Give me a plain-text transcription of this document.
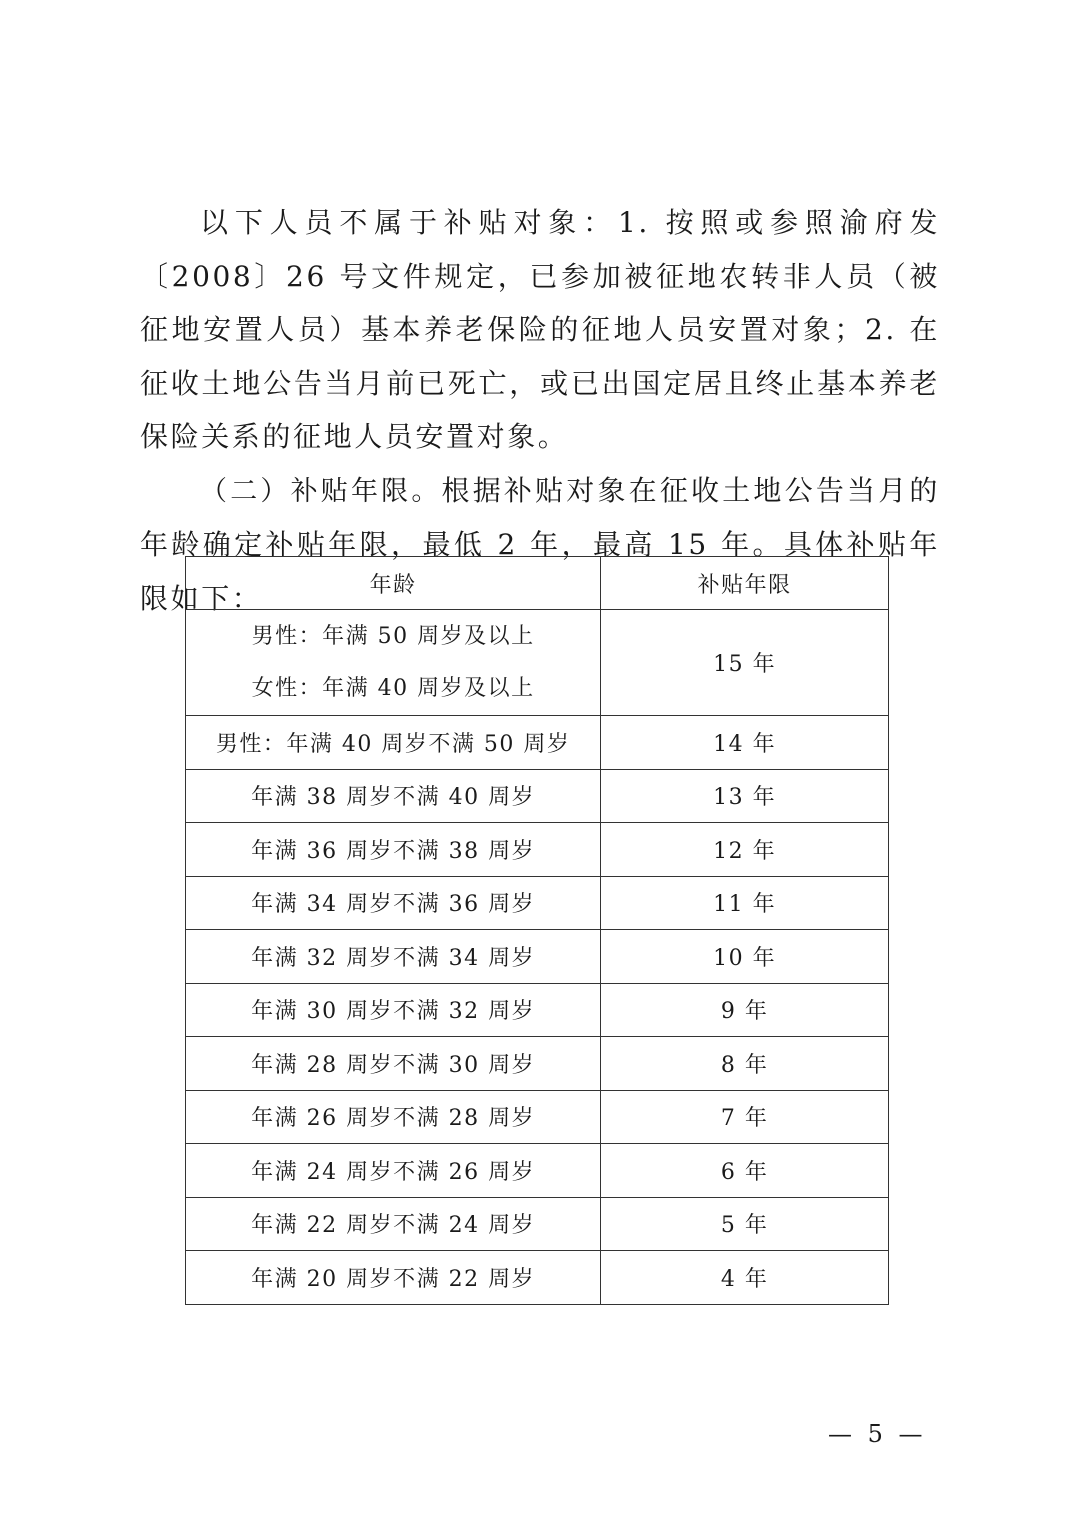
以下人员不属于补贴对象：1. 按照或参照渝府发〔2008〕26 号文件规定，已参加被征地农转非人员（被征地安置人员）基本养老保险的征地人员安置对象；2. 在征收土地公告当月前已死亡，或已出国定居且终止基本养老保险关系的征地人员安置对象。

（二）补贴年限。根据补贴对象在征收土地公告当月的年龄确定补贴年限，最低 2 年，最高 15 年。具体补贴年限如下：	年龄	补贴年限

男性：年满 50 周岁及以上
女性：年满 40 周岁及以上	15 年
男性：年满 40 周岁不满 50 周岁	14 年
年满 38 周岁不满 40 周岁	13 年
年满 36 周岁不满 38 周岁	12 年
年满 34 周岁不满 36 周岁	11 年
年满 32 周岁不满 34 周岁	10 年
年满 30 周岁不满 32 周岁	9 年
年满 28 周岁不满 30 周岁	8 年
年满 26 周岁不满 28 周岁	7 年
年满 24 周岁不满 26 周岁	6 年
年满 22 周岁不满 24 周岁	5 年
年满 20 周岁不满 22 周岁	4 年
— 5 —
